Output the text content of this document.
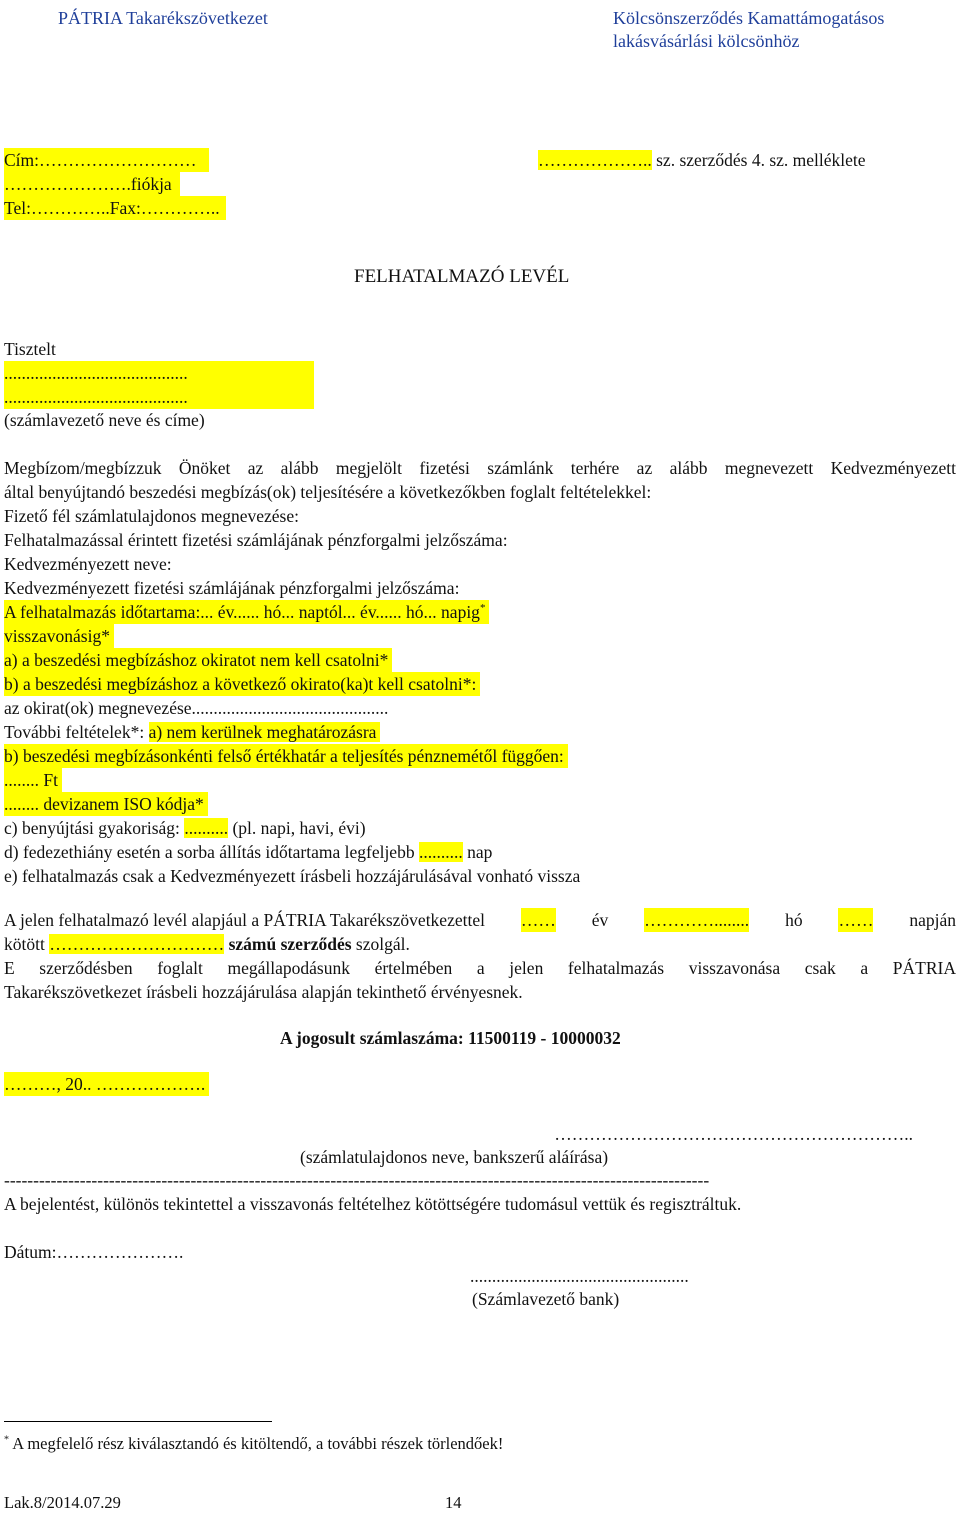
PÁTRIA Takarékszövetkezet	Kölcsönszerződés Kamattámogatásos
lakásvásárlási kölcsönhöz
Cím:………………………
………………….fiókja
Tel:…………..Fax:…………..
……………….. sz. szerződés 4. sz. melléklete
FELHATALMAZÓ LEVÉL
Tisztelt
..........................................
..........................................
(számlavezető neve és címe)
Megbízom/megbízzuk Önöket az alább megjelölt fizetési számlánk terhére az alább megnevezett Kedvezményezett
által benyújtandó beszedési megbízás(ok) teljesítésére a következőkben foglalt feltételekkel:
Fizető fél számlatulajdonos megnevezése:
Felhatalmazással érintett fizetési számlájának pénzforgalmi jelzőszáma:
Kedvezményezett neve:
Kedvezményezett fizetési számlájának pénzforgalmi jelzőszáma:
A felhatalmazás időtartama:... év...... hó... naptól... év...... hó... napig*
visszavonásig*
a) a beszedési megbízáshoz okiratot nem kell csatolni*
b) a beszedési megbízáshoz a következő okirato(ka)t kell csatolni*:
az okirat(ok) megnevezése.............................................
További feltételek*: a) nem kerülnek meghatározásra
b) beszedési megbízásonkénti felső értékhatár a teljesítés pénznemétől függően:
........ Ft
........ devizanem ISO kódja*
c) benyújtási gyakoriság: .......... (pl. napi, havi, évi)
d) fedezethiány esetén a sorba állítás időtartama legfeljebb .......... nap
e) felhatalmazás csak a Kedvezményezett írásbeli hozzájárulásával vonható vissza
A jelen felhatalmazó levél alapjául a PÁTRIA Takarékszövetkezettel …… év …………........ hó …… napján
kötött ………………………… számú szerződés szolgál.
E szerződésben foglalt megállapodásunk értelmében a jelen felhatalmazás visszavonása csak a PÁTRIA
Takarékszövetkezet írásbeli hozzájárulása alapján tekinthető érvényesnek.
A jogosult számlaszáma: 11500119 - 10000032
………, 20.. ……………….
……………………………………………………..
(számlatulajdonos neve, bankszerű aláírása)
-------------------------------------------------------------------------------------------------------------------------
A bejelentést, különös tekintettel a visszavonás feltételhez kötöttségére tudomásul vettük és regisztráltuk.
Dátum:………………….
..................................................
(Számlavezető bank)
* A megfelelő rész kiválasztandó és kitöltendő, a további részek törlendőek!
Lak.8/2014.07.29	14
